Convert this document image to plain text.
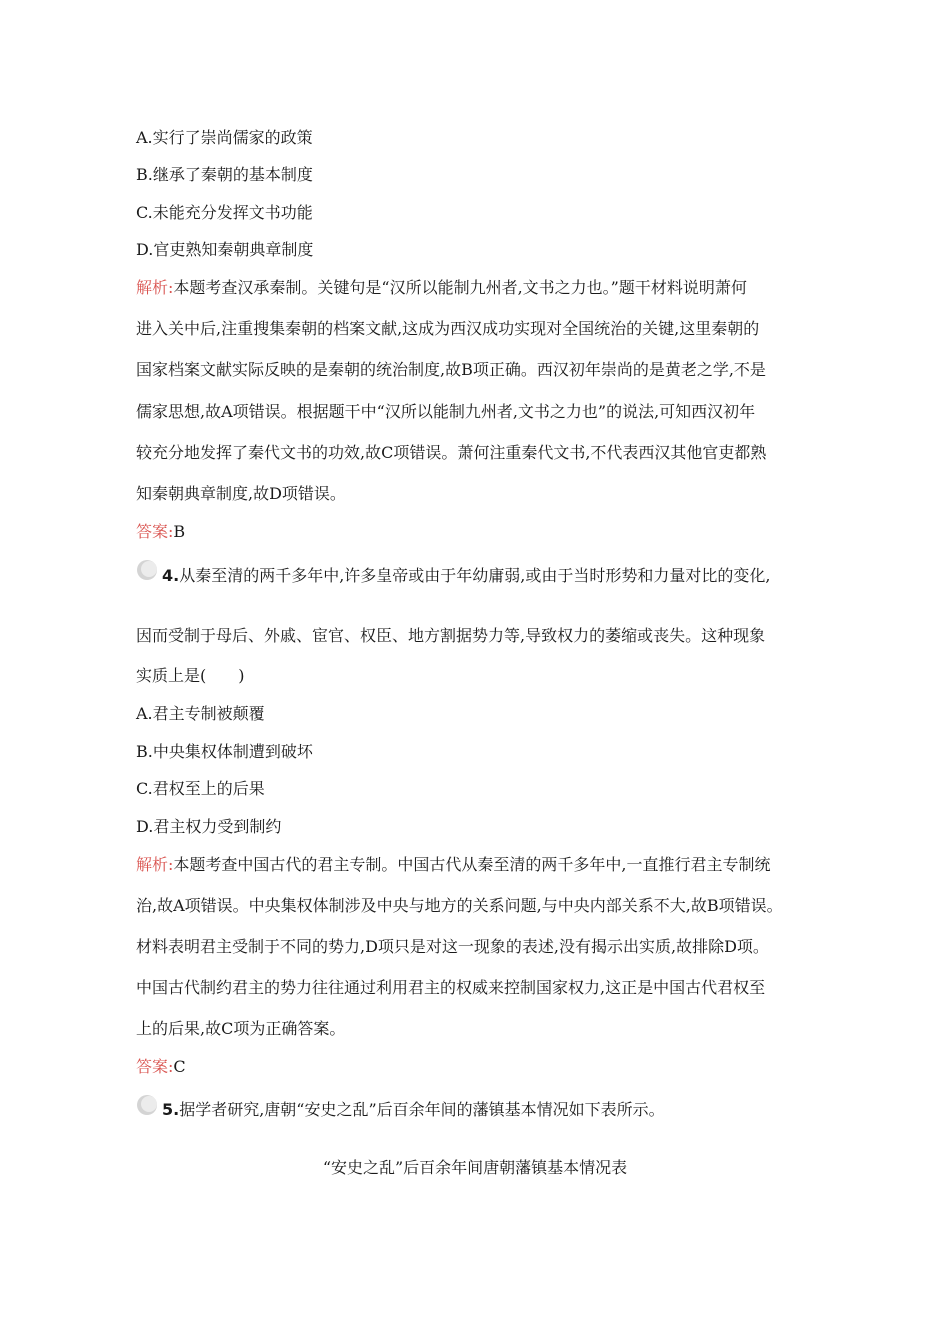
A.实行了崇尚儒家的政策
B.继承了秦朝的基本制度
C.未能充分发挥文书功能
D.官吏熟知秦朝典章制度
解析:本题考查汉承秦制。关键句是“汉所以能制九州者,文书之力也。”题干材料说明萧何
进入关中后,注重搜集秦朝的档案文献,这成为西汉成功实现对全国统治的关键,这里秦朝的
国家档案文献实际反映的是秦朝的统治制度,故B项正确。西汉初年崇尚的是黄老之学,不是
儒家思想,故A项错误。根据题干中“汉所以能制九州者,文书之力也”的说法,可知西汉初年
较充分地发挥了秦代文书的功效,故C项错误。萧何注重秦代文书,不代表西汉其他官吏都熟
知秦朝典章制度,故D项错误。
答案:B
4.从秦至清的两千多年中,许多皇帝或由于年幼庸弱,或由于当时形势和力量对比的变化,
因而受制于母后、外戚、宦官、权臣、地方割据势力等,导致权力的萎缩或丧失。这种现象
实质上是(　　)
A.君主专制被颠覆
B.中央集权体制遭到破坏
C.君权至上的后果
D.君主权力受到制约
解析:本题考查中国古代的君主专制。中国古代从秦至清的两千多年中,一直推行君主专制统
治,故A项错误。中央集权体制涉及中央与地方的关系问题,与中央内部关系不大,故B项错误。
材料表明君主受制于不同的势力,D项只是对这一现象的表述,没有揭示出实质,故排除D项。
中国古代制约君主的势力往往通过利用君主的权威来控制国家权力,这正是中国古代君权至
上的后果,故C项为正确答案。
答案:C
5.据学者研究,唐朝“安史之乱”后百余年间的藩镇基本情况如下表所示。
“安史之乱”后百余年间唐朝藩镇基本情况表
